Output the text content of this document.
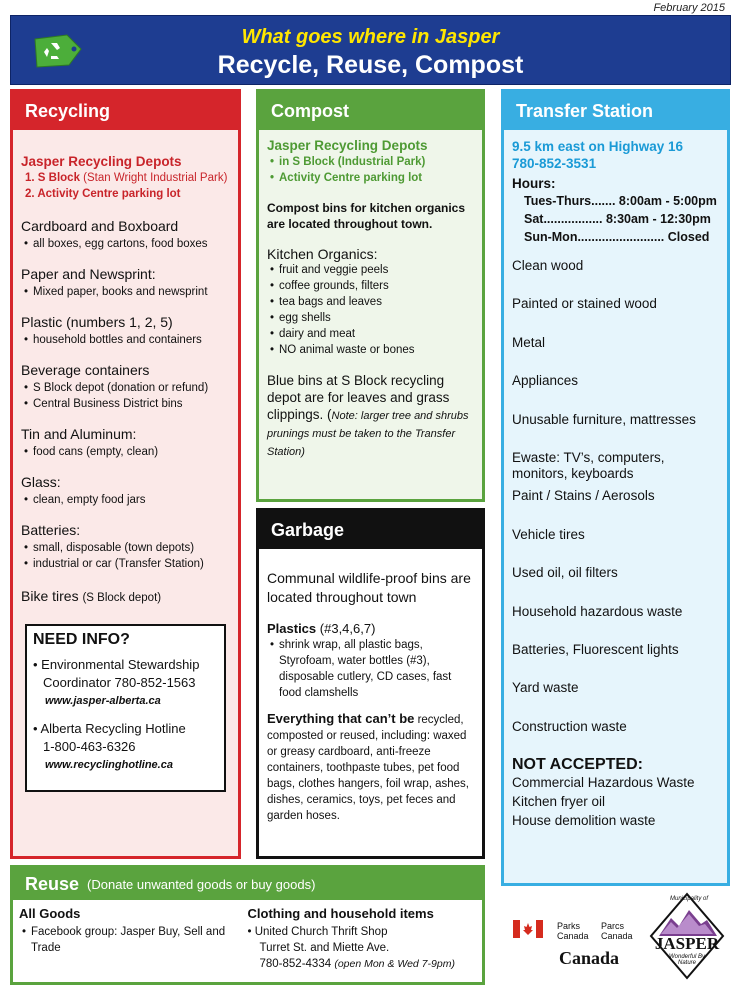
February 2015
What goes where in Jasper
Recycle, Reuse, Compost
Recycling
Jasper Recycling Depots
1. S Block (Stan Wright Industrial Park)
2. Activity Centre parking lot
Cardboard and Boxboard
• all boxes, egg cartons, food boxes
Paper and Newsprint:
• Mixed paper, books and newsprint
Plastic (numbers 1, 2, 5)
• household bottles and containers
Beverage containers
• S Block depot (donation or refund)
• Central Business District bins
Tin and Aluminum:
• food cans (empty, clean)
Glass:
• clean, empty food jars
Batteries:
• small, disposable (town depots)
• industrial or car (Transfer Station)
Bike tires (S Block depot)
NEED INFO?
• Environmental Stewardship
Coordinator 780-852-1563
www.jasper-alberta.ca
• Alberta Recycling Hotline
1-800-463-6326
www.recyclinghotline.ca
Compost
Jasper Recycling Depots
• in S Block (Industrial Park)
• Activity Centre parking lot
Compost bins for kitchen organics are located throughout town.
Kitchen Organics:
• fruit and veggie peels
• coffee grounds, filters
• tea bags and leaves
• egg shells
• dairy and meat
• NO animal waste or bones
Blue bins at S Block recycling depot are for leaves and grass clippings. (Note: larger tree and shrubs prunings must be taken to the Transfer Station)
Garbage
Communal wildlife-proof bins are located throughout town
Plastics (#3,4,6,7)
• shrink wrap, all plastic bags, Styrofoam, water bottles (#3), disposable cutlery, CD cases, fast food clamshells
Everything that can’t be recycled, composted or reused, including: waxed or greasy cardboard, anti-freeze containers, toothpaste tubes, pet food bags, clothes hangers, foil wrap, ashes, dishes, ceramics, toys, pet feces and garden hoses.
Transfer Station
9.5 km east on Highway 16
780-852-3531
Hours:
Tues-Thurs....... 8:00am - 5:00pm
Sat................. 8:30am - 12:30pm
Sun-Mon......................... Closed
Clean wood
Painted or stained wood
Metal
Appliances
Unusable furniture, mattresses
Ewaste: TV’s, computers, monitors, keyboards
Paint / Stains / Aerosols
Vehicle tires
Used oil, oil filters
Household hazardous waste
Batteries, Fluorescent lights
Yard waste
Construction waste
NOT ACCEPTED:
Commercial Hazardous Waste
Kitchen fryer oil
House demolition waste
Reuse (Donate unwanted goods or buy goods)
All Goods
• Facebook group: Jasper Buy, Sell and Trade
Clothing and household items
• United Church Thrift Shop
Turret St. and Miette Ave.
780-852-4334 (open Mon & Wed 7-9pm)
Parks
Canada
Parcs
Canada
Canada
Municipality of
JASPER
Wonderful By Nature
